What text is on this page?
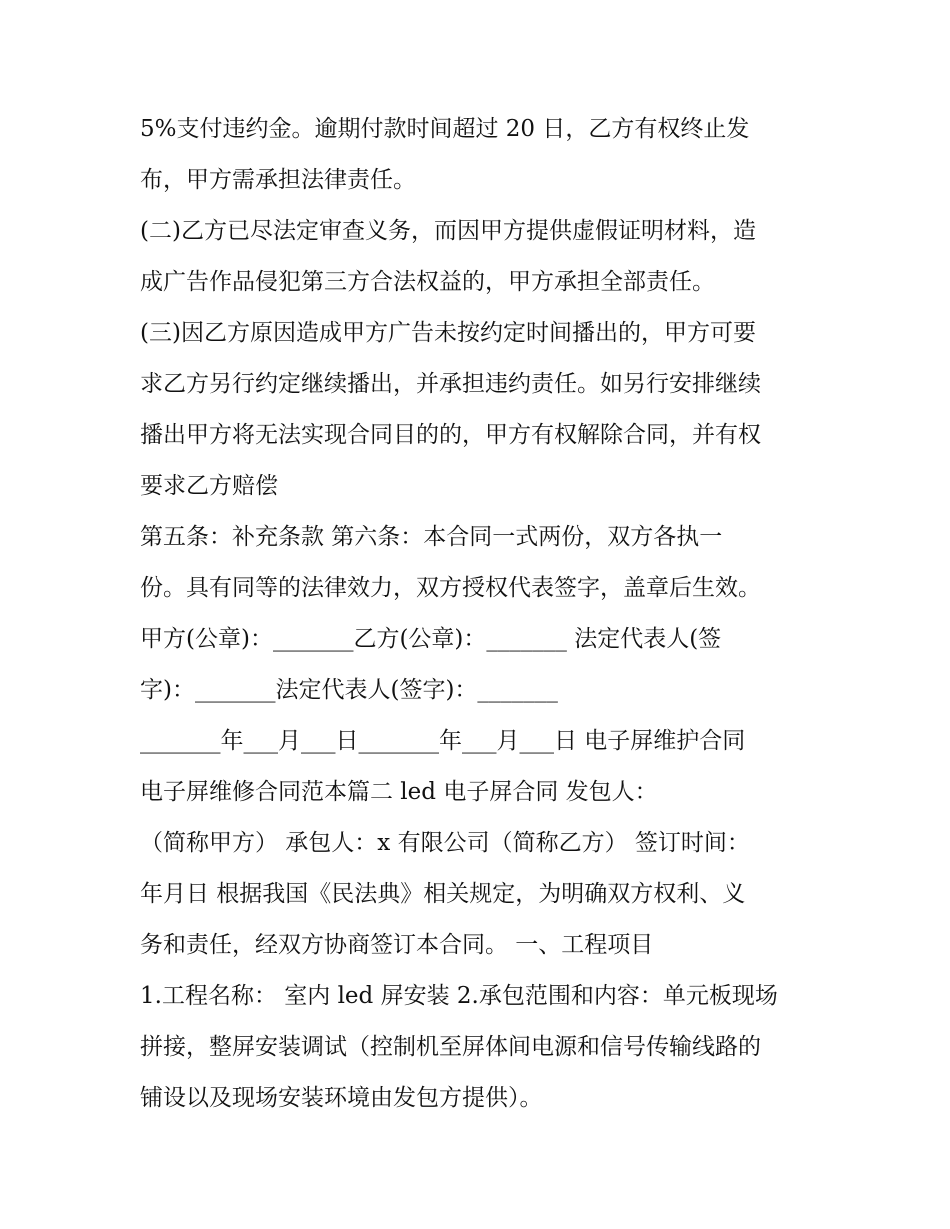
5%支付违约金。逾期付款时间超过 20 日，乙方有权终止发
布，甲方需承担法律责任。
(二)乙方已尽法定审查义务，而因甲方提供虚假证明材料，造
成广告作品侵犯第三方合法权益的，甲方承担全部责任。
(三)因乙方原因造成甲方广告未按约定时间播出的，甲方可要
求乙方另行约定继续播出，并承担违约责任。如另行安排继续
播出甲方将无法实现合同目的的，甲方有权解除合同，并有权
要求乙方赔偿
第五条：补充条款 第六条：本合同一式两份，双方各执一
份。具有同等的法律效力，双方授权代表签字，盖章后生效。
甲方(公章)：_______乙方(公章)：_______ 法定代表人(签
字)：_______法定代表人(签字)：_______
_______年___月___日_______年___月___日 电子屏维护合同
电子屏维修合同范本篇二 led 电子屏合同 发包人：
（简称甲方） 承包人：x 有限公司（简称乙方） 签订时间：
年月日 根据我国《民法典》相关规定，为明确双方权利、义
务和责任，经双方协商签订本合同。 一、工程项目
1.工程名称： 室内 led 屏安装 2.承包范围和内容：单元板现场
拼接，整屏安装调试（控制机至屏体间电源和信号传输线路的
铺设以及现场安装环境由发包方提供）。
